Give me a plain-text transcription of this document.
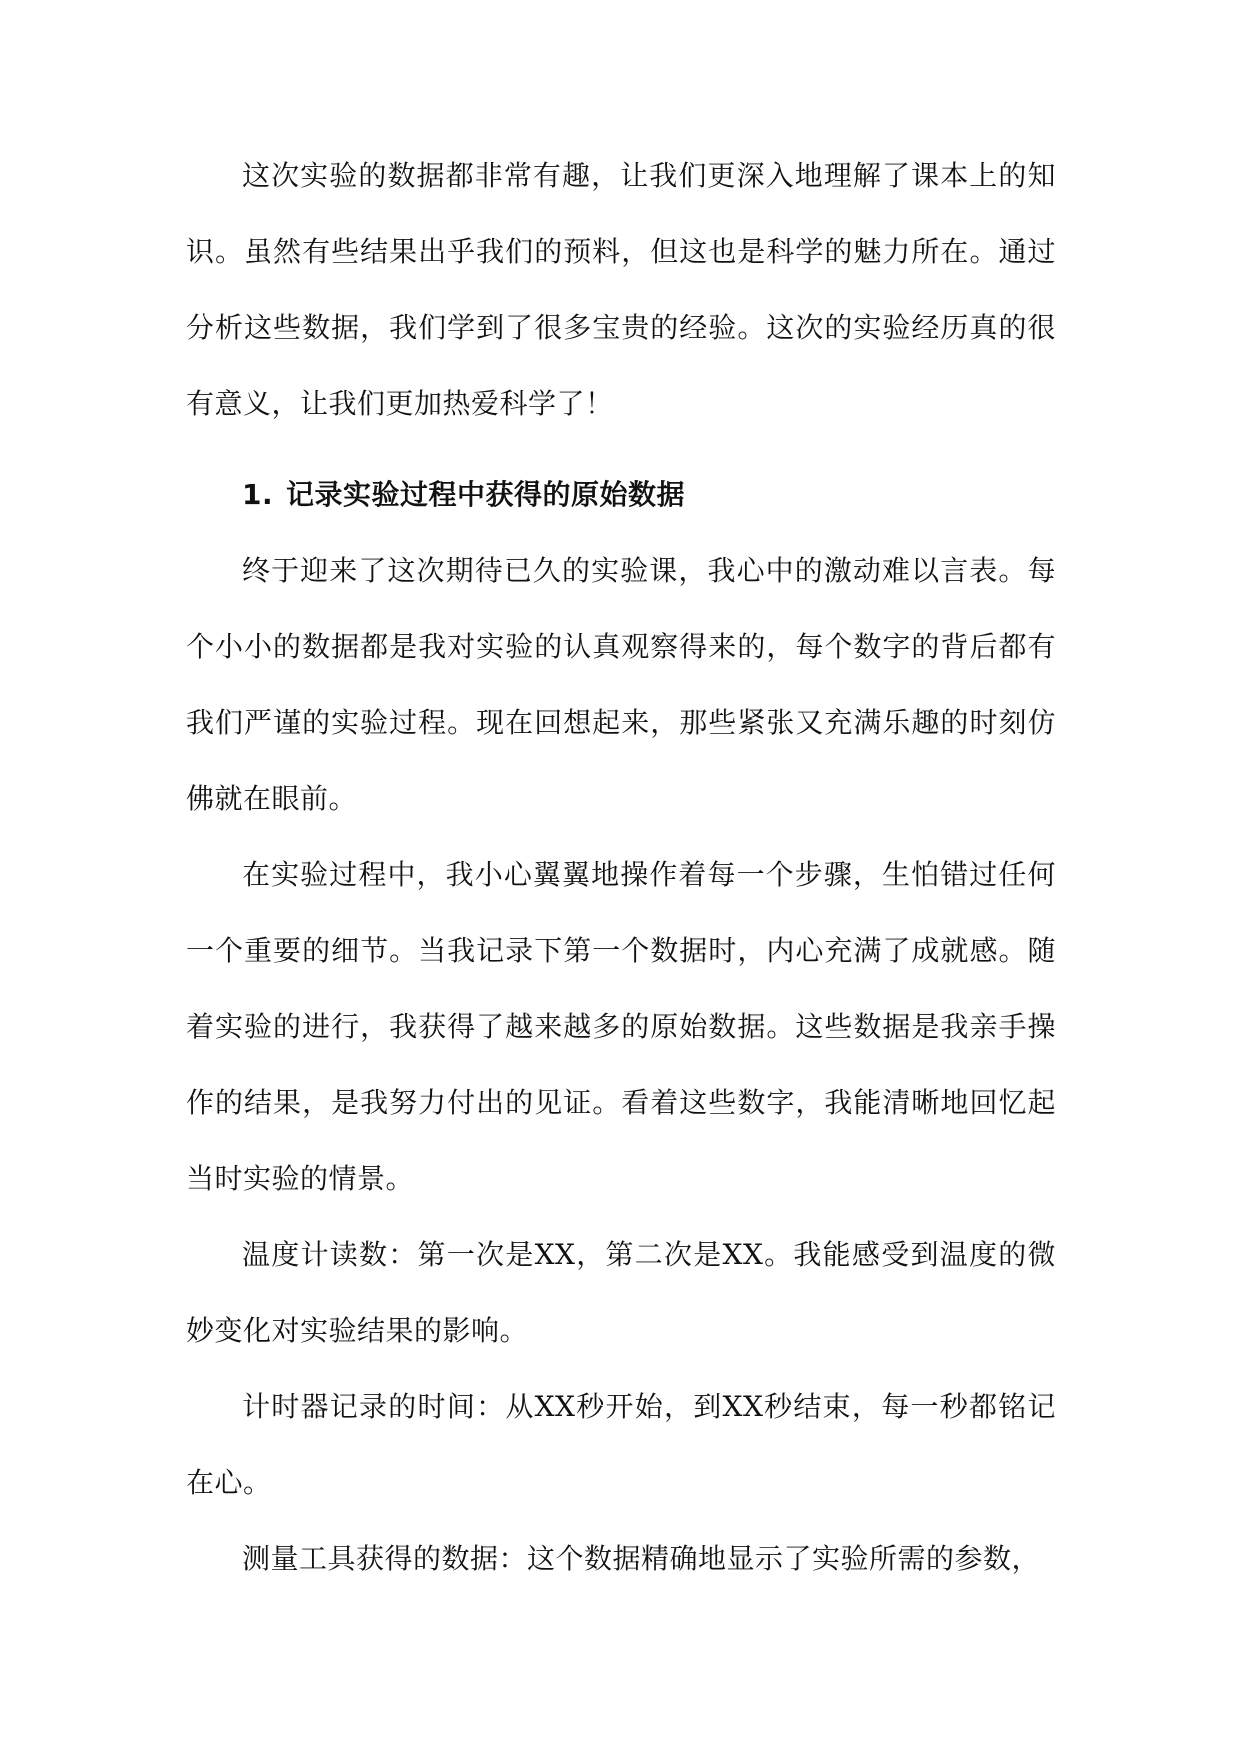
这次实验的数据都非常有趣，让我们更深入地理解了课本上的知识。虽然有些结果出乎我们的预料，但这也是科学的魅力所在。通过分析这些数据，我们学到了很多宝贵的经验。这次的实验经历真的很有意义，让我们更加热爱科学了！

1. 记录实验过程中获得的原始数据

终于迎来了这次期待已久的实验课，我心中的激动难以言表。每个小小的数据都是我对实验的认真观察得来的，每个数字的背后都有我们严谨的实验过程。现在回想起来，那些紧张又充满乐趣的时刻仿佛就在眼前。

在实验过程中，我小心翼翼地操作着每一个步骤，生怕错过任何一个重要的细节。当我记录下第一个数据时，内心充满了成就感。随着实验的进行，我获得了越来越多的原始数据。这些数据是我亲手操作的结果，是我努力付出的见证。看着这些数字，我能清晰地回忆起当时实验的情景。

温度计读数：第一次是XX，第二次是XX。我能感受到温度的微妙变化对实验结果的影响。

计时器记录的时间：从XX秒开始，到XX秒结束，每一秒都铭记在心。

测量工具获得的数据：这个数据精确地显示了实验所需的参数，
